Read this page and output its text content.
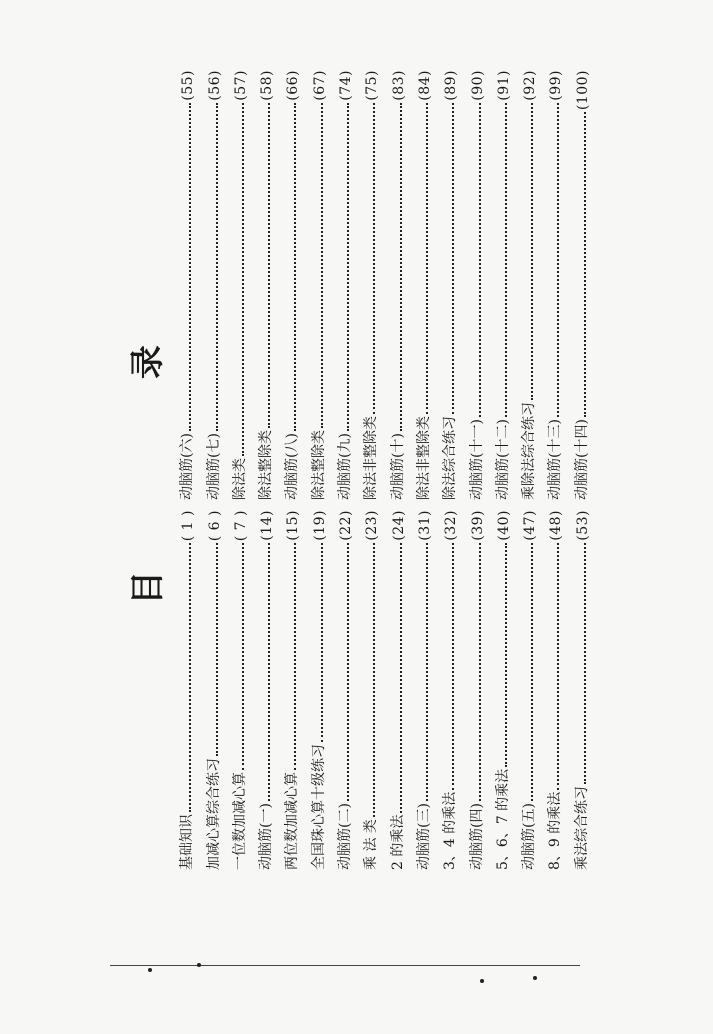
目 录
基础知识
( 1 )
加减心算综合练习
( 6 )
一位数加减心算
( 7 )
动脑筋(一)
(14)
两位数加减心算
(15)
全国珠心算十级练习
(19)
动脑筋(二)
(22)
乘 法 类
(23)
2 的乘法
(24)
动脑筋(三)
(31)
3、4 的乘法
(32)
动脑筋(四)
(39)
5、6、7 的乘法
(40)
动脑筋(五)
(47)
8、9 的乘法
(48)
乘法综合练习
(53)
动脑筋(六)
(55)
动脑筋(七)
(56)
除法类
(57)
除法整除类
(58)
动脑筋(八)
(66)
除法整除类
(67)
动脑筋(九)
(74)
除法非整除类
(75)
动脑筋(十)
(83)
除法非整除类
(84)
除法综合练习
(89)
动脑筋(十一)
(90)
动脑筋(十二)
(91)
乘除法综合练习
(92)
动脑筋(十三)
(99)
动脑筋(十四)
(100)
